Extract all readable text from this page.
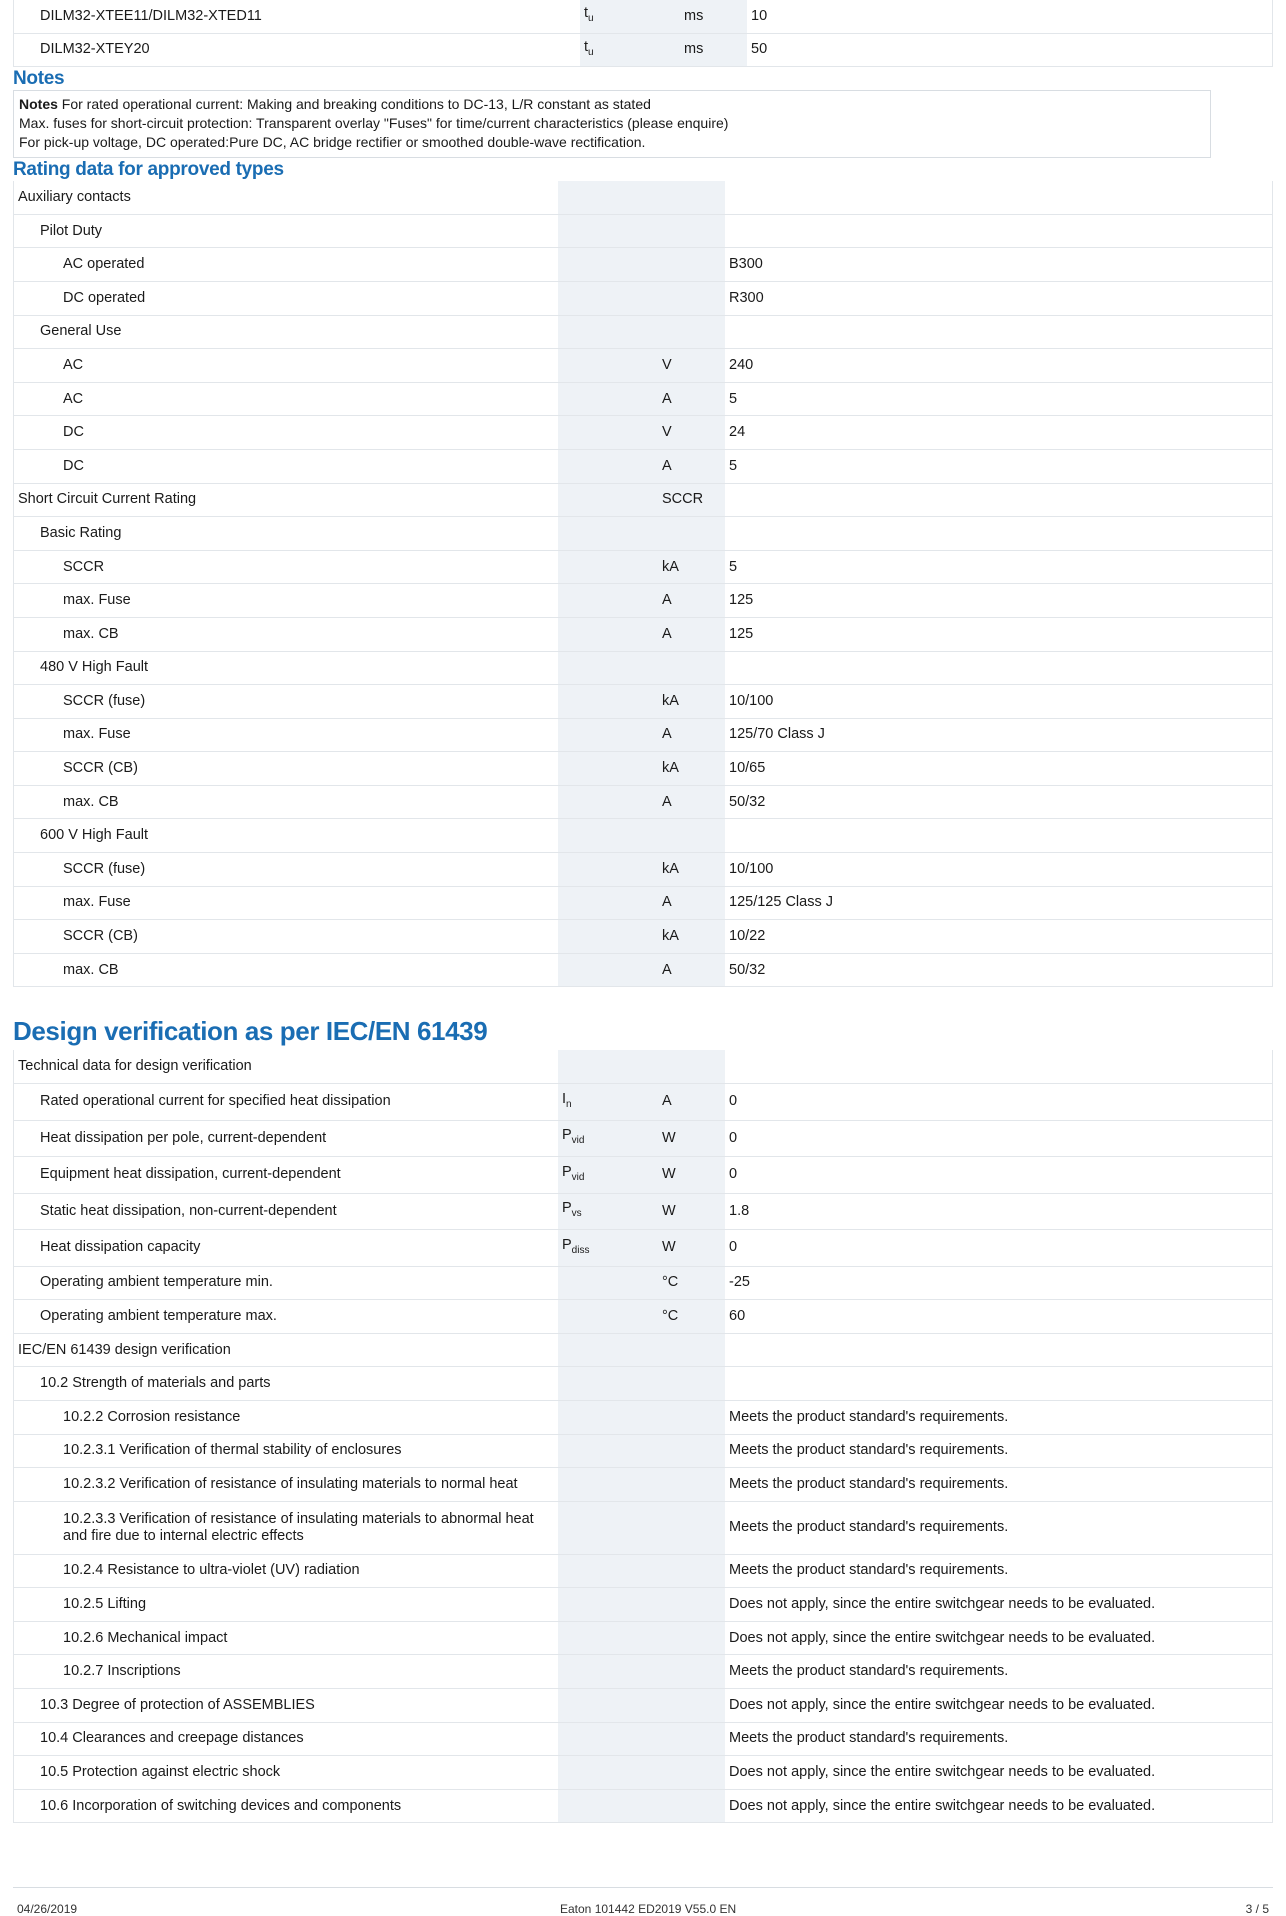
DILM32-XTEE11/DILM32-XTED11	$t_u$	ms	10
DILM32-XTEY20	$t_u$	ms	50
Notes
Notes For rated operational current: Making and breaking conditions to DC-13, L/R constant as stated
Max. fuses for short-circuit protection: Transparent overlay "Fuses" for time/current characteristics (please enquire)
For pick-up voltage, DC operated:Pure DC, AC bridge rectifier or smoothed double-wave rectification.
Rating data for approved types
Auxiliary contacts			
Pilot Duty			
AC operated			B300
DC operated			R300
General Use			
AC		V	240
AC		A	5
DC		V	24
DC		A	5
Short Circuit Current Rating		SCCR	
Basic Rating			
SCCR		kA	5
max. Fuse		A	125
max. CB		A	125
480 V High Fault			
SCCR (fuse)		kA	10/100
max. Fuse		A	125/70 Class J
SCCR (CB)		kA	10/65
max. CB		A	50/32
600 V High Fault			
SCCR (fuse)		kA	10/100
max. Fuse		A	125/125 Class J
SCCR (CB)		kA	10/22
max. CB		A	50/32
Design verification as per IEC/EN 61439
Technical data for design verification			
Rated operational current for specified heat dissipation	$I_n$	A	0
Heat dissipation per pole, current-dependent	$P_{vid}$	W	0
Equipment heat dissipation, current-dependent	$P_{vid}$	W	0
Static heat dissipation, non-current-dependent	$P_{vs}$	W	1.8
Heat dissipation capacity	$P_{diss}$	W	0
Operating ambient temperature min.		°C	-25
Operating ambient temperature max.		°C	60
IEC/EN 61439 design verification			
10.2 Strength of materials and parts			
10.2.2 Corrosion resistance			Meets the product standard's requirements.
10.2.3.1 Verification of thermal stability of enclosures			Meets the product standard's requirements.
10.2.3.2 Verification of resistance of insulating materials to normal heat			Meets the product standard's requirements.
10.2.3.3 Verification of resistance of insulating materials to abnormal heat and fire due to internal electric effects			Meets the product standard's requirements.
10.2.4 Resistance to ultra-violet (UV) radiation			Meets the product standard's requirements.
10.2.5 Lifting			Does not apply, since the entire switchgear needs to be evaluated.
10.2.6 Mechanical impact			Does not apply, since the entire switchgear needs to be evaluated.
10.2.7 Inscriptions			Meets the product standard's requirements.
10.3 Degree of protection of ASSEMBLIES			Does not apply, since the entire switchgear needs to be evaluated.
10.4 Clearances and creepage distances			Meets the product standard's requirements.
10.5 Protection against electric shock			Does not apply, since the entire switchgear needs to be evaluated.
10.6 Incorporation of switching devices and components			Does not apply, since the entire switchgear needs to be evaluated.
04/26/2019	Eaton 101442 ED2019 V55.0 EN	3 / 5
